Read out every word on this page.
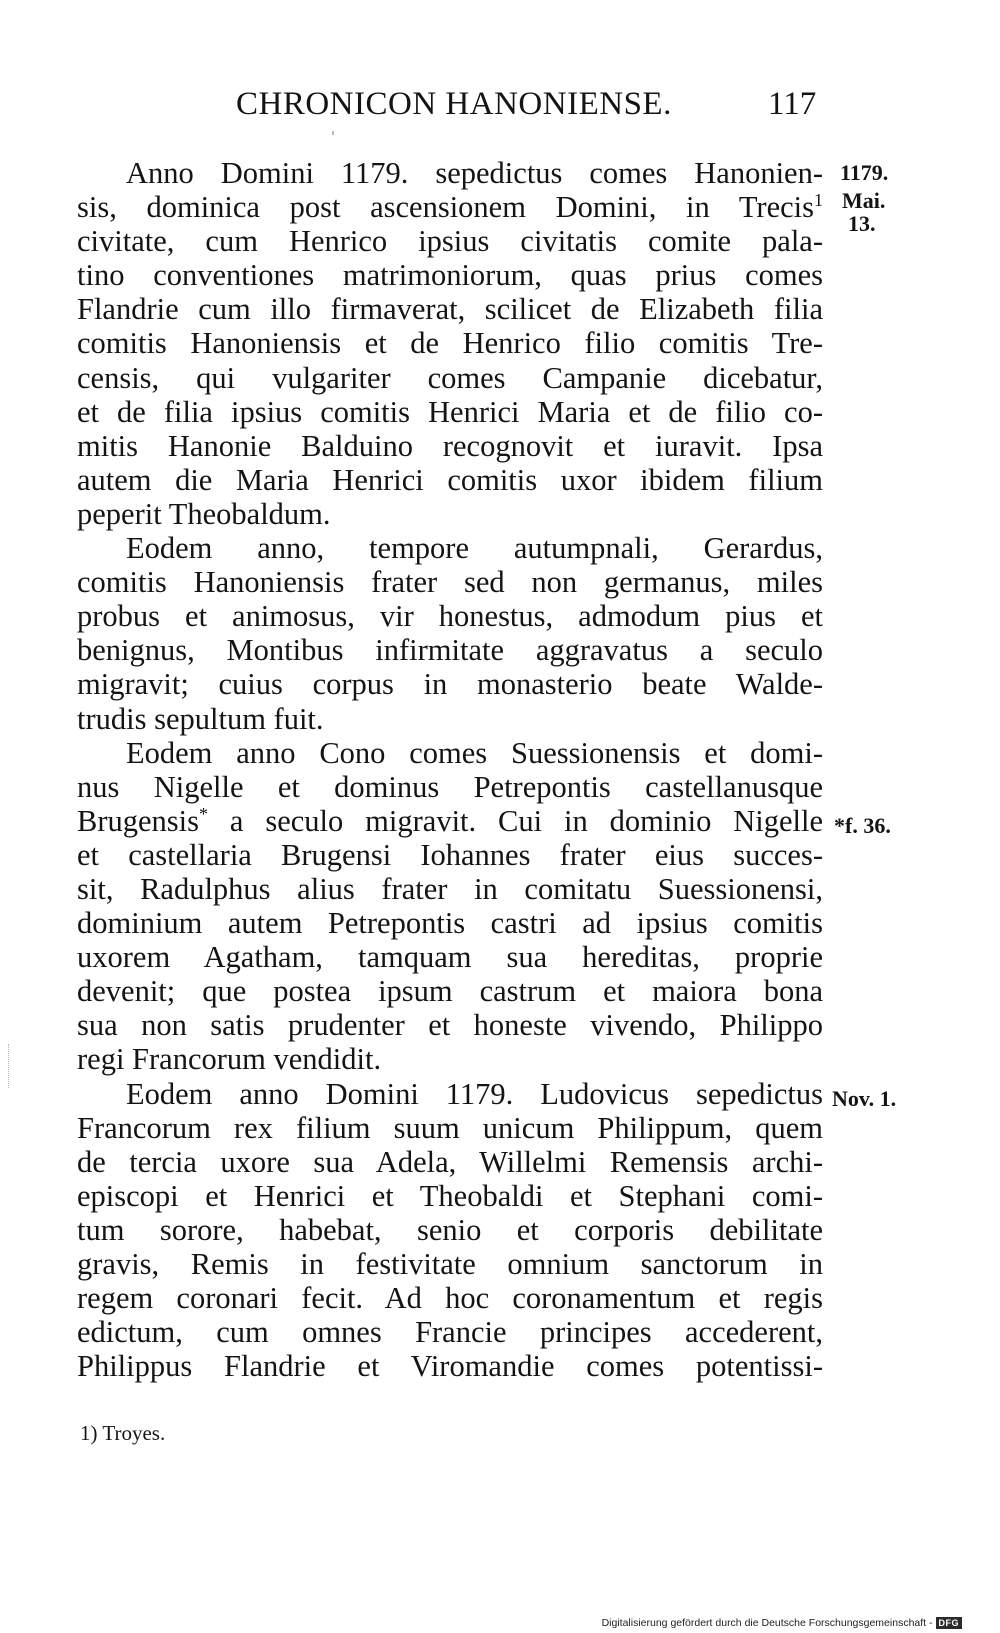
CHRONICON HANONIENSE.	117
Anno Domini 1179. sepedictus comes Hanonien-
sis, dominica post ascensionem Domini, in Trecis$^1$
civitate, cum Henrico ipsius civitatis comite pala-
tino conventiones matrimoniorum, quas prius comes
Flandrie cum illo firmaverat, scilicet de Elizabeth filia
comitis Hanoniensis et de Henrico filio comitis Tre-
censis, qui vulgariter comes Campanie dicebatur,
et de filia ipsius comitis Henrici Maria et de filio co-
mitis Hanonie Balduino recognovit et iuravit. Ipsa
autem die Maria Henrici comitis uxor ibidem filium
peperit Theobaldum.
Eodem anno, tempore autumpnali, Gerardus,
comitis Hanoniensis frater sed non germanus, miles
probus et animosus, vir honestus, admodum pius et
benignus, Montibus infirmitate aggravatus a seculo
migravit; cuius corpus in monasterio beate Walde-
trudis sepultum fuit.
Eodem anno Cono comes Suessionensis et domi-
nus Nigelle et dominus Petrepontis castellanusque
Brugensis* a seculo migravit. Cui in dominio Nigelle
et castellaria Brugensi Iohannes frater eius succes-
sit, Radulphus alius frater in comitatu Suessionensi,
dominium autem Petrepontis castri ad ipsius comitis
uxorem Agatham, tamquam sua hereditas, proprie
devenit; que postea ipsum castrum et maiora bona
sua non satis prudenter et honeste vivendo, Philippo
regi Francorum vendidit.
Eodem anno Domini 1179. Ludovicus sepedictus
Francorum rex filium suum unicum Philippum, quem
de tercia uxore sua Adela, Willelmi Remensis archi-
episcopi et Henrici et Theobaldi et Stephani comi-
tum sorore, habebat, senio et corporis debilitate
gravis, Remis in festivitate omnium sanctorum in
regem coronari fecit. Ad hoc coronamentum et regis
edictum, cum omnes Francie principes accederent,
Philippus Flandrie et Viromandie comes potentissi-
1179.
Mai.
13.
*f. 36.
Nov. 1.
1) Troyes.
Digitalisierung gefördert durch die Deutsche Forschungsgemeinschaft - DFG
